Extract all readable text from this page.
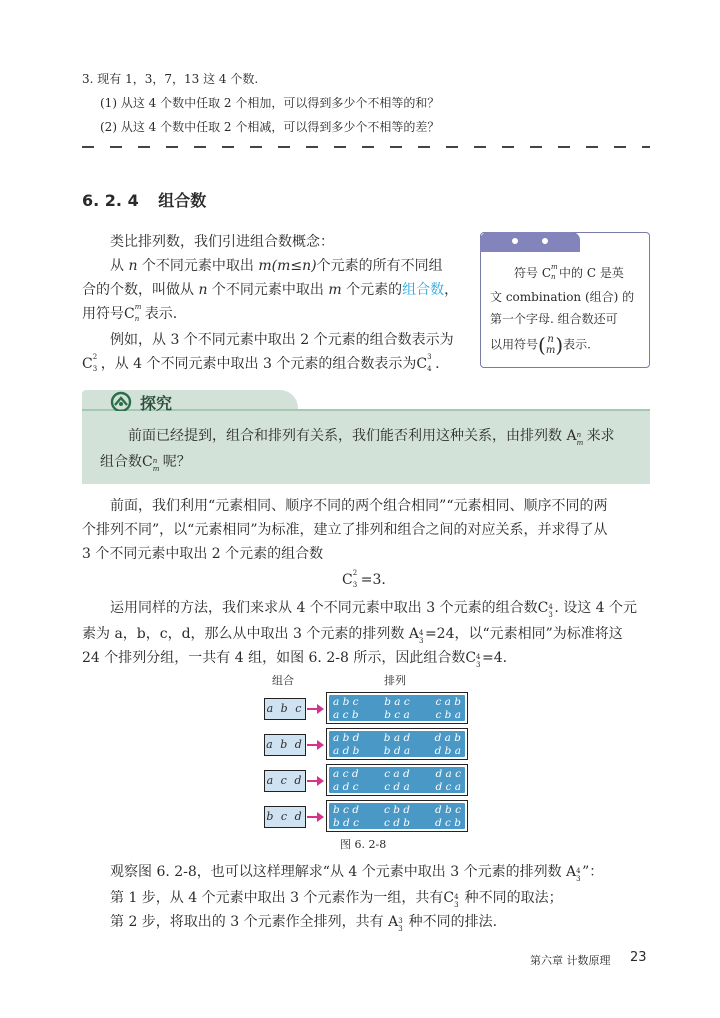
3. 现有 1，3，7，13 这 4 个数.
(1) 从这 4 个数中任取 2 个相加，可以得到多少个不相等的和？
(2) 从这 4 个数中任取 2 个相减，可以得到多少个不相等的差？
6. 2. 4 组合数
类比排列数，我们引进组合数概念：
从 n 个不同元素中取出 m(m≤n)个元素的所有不同组
合的个数，叫做从 n 个不同元素中取出 m 个元素的组合数，
用符号C m
n 表示.
例如，从 3 个不同元素中取出 2 个元素的组合数表示为
C 2
3 ，从 4 个不同元素中取出 3 个元素的组合数表示为C 3
4 .
符号 C m
n 中的 C 是英
文 combination (组合) 的
第一个字母. 组合数还可
以用符号( n
m)表示.
探究
前面已经提到，组合和排列有关系，我们能否利用这种关系，由排列数 A m
n 来求
组合数C m
n 呢？
前面，我们利用“元素相同、顺序不同的两个组合相同”“元素相同、顺序不同的两
个排列不同”，以“元素相同”为标准，建立了排列和组合之间的对应关系，并求得了从
3 个不同元素中取出 2 个元素的组合数
C 2
3 =3.
运用同样的方法，我们来求从 4 个不同元素中取出 3 个元素的组合数C 3
4 . 设这 4 个元
素为 a，b，c，d，那么从中取出 3 个元素的排列数 A 3
4 =24，以“元素相同”为标准将这
24 个排列分组，一共有 4 组，如图 6. 2-8 所示，因此组合数C 3
4 =4.
组合	排列
a b c	a b c b a c c a b
a c b b c a c b a
a b d	a b d b a d d a b
a d b b d a d b a
a c d	a c d c a d d a c
a d c c d a d c a
b c d	b c d c b d d b c
b d c c d b d c b
图 6. 2-8
观察图 6. 2-8，也可以这样理解求“从 4 个元素中取出 3 个元素的排列数 A 3
4 ”：
第 1 步，从 4 个元素中取出 3 个元素作为一组，共有C 3
4 种不同的取法；
第 2 步，将取出的 3 个元素作全排列，共有 A 3
3 种不同的排法.
第六章 计数原理 23
